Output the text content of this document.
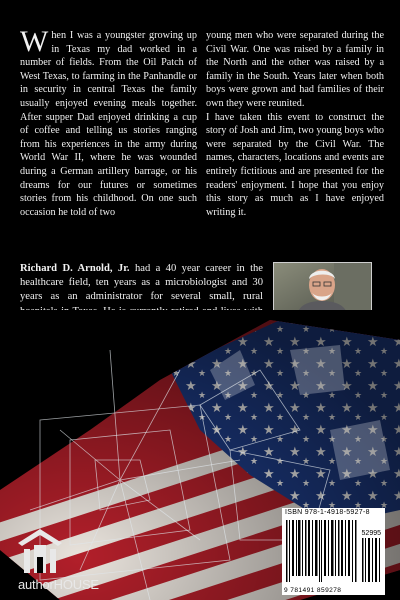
When I was a youngster growing up in Texas my dad worked in a number of fields. From the Oil Patch of West Texas, to farming in the Panhandle or in security in central Texas the family usually enjoyed evening meals together. After supper Dad enjoyed drinking a cup of coffee and telling us stories ranging from his experiences in the army during World War II, where he was wounded during a German artillery barrage, or his dreams for our futures or sometimes stories from his childhood. On one such occasion he told of two

young men who were separated during the Civil War. One was raised by a family in the North and the other was raised by a family in the South. Years later when both boys were grown and had families of their own they were reunited.

I have taken this event to construct the story of Josh and Jim, two young boys who were separated by the Civil War. The names, characters, locations and events are entirely fictitious and are presented for the readers' enjoyment. I hope that you enjoy this story as much as I have enjoyed writing it.

Richard D. Arnold, Jr. had a 40 year career in the healthcare field, ten years as a microbiologist and 30 years as an administrator for several small, rural
ISBN 978-1-4918-5927-8
52995
9 781491 859278
authorHOUSE
